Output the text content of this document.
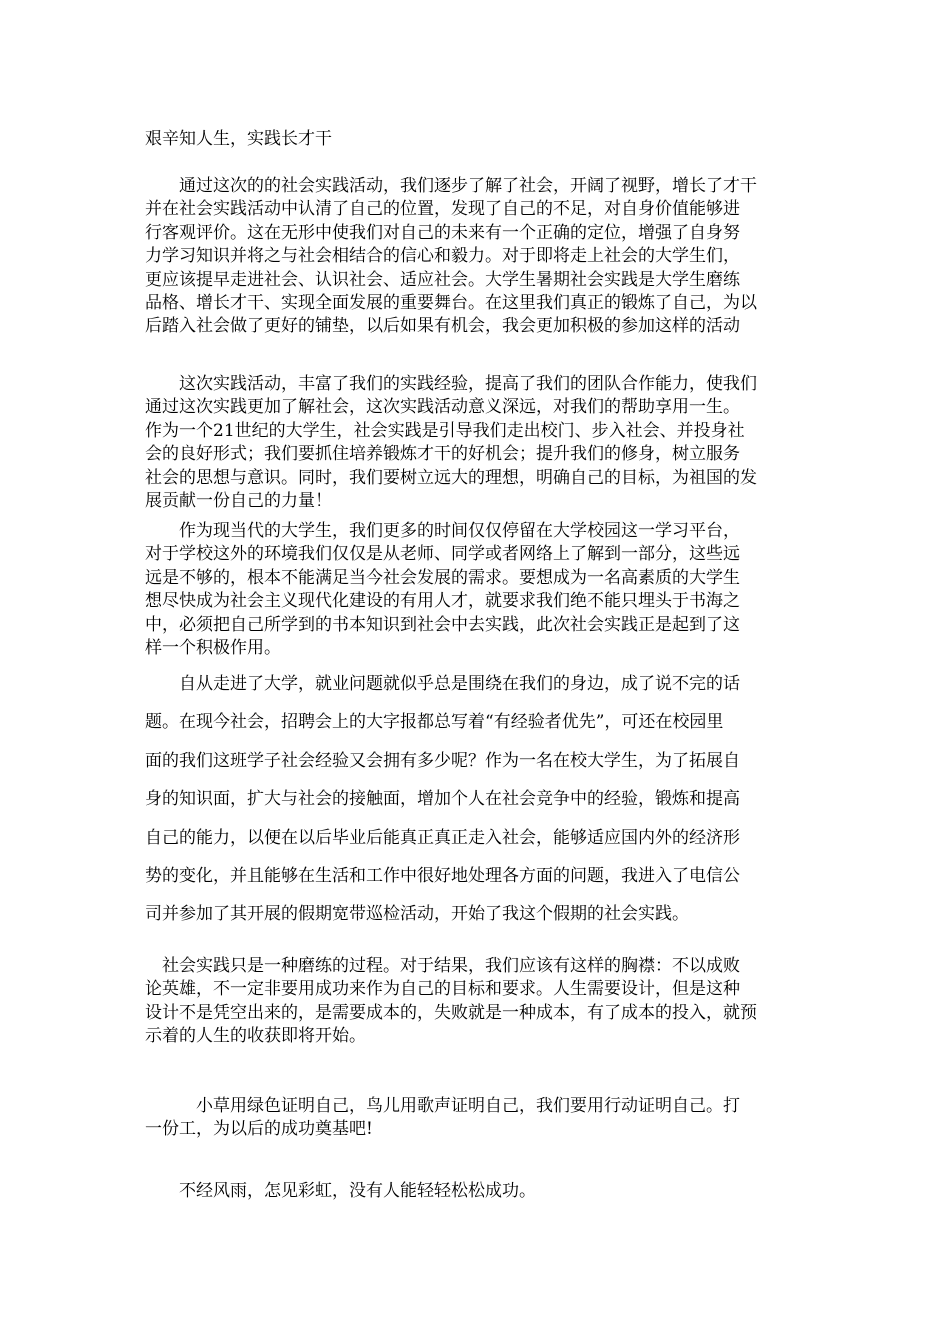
艰辛知人生，实践长才干

　　通过这次的的社会实践活动，我们逐步了解了社会，开阔了视野，增长了才干
并在社会实践活动中认清了自己的位置，发现了自己的不足，对自身价值能够进
行客观评价。这在无形中使我们对自己的未来有一个正确的定位，增强了自身努
力学习知识并将之与社会相结合的信心和毅力。对于即将走上社会的大学生们，
更应该提早走进社会、认识社会、适应社会。大学生暑期社会实践是大学生磨练
品格、增长才干、实现全面发展的重要舞台。在这里我们真正的锻炼了自己，为以
后踏入社会做了更好的铺垫，以后如果有机会，我会更加积极的参加这样的活动

　　这次实践活动，丰富了我们的实践经验，提高了我们的团队合作能力，使我们
通过这次实践更加了解社会，这次实践活动意义深远，对我们的帮助享用一生。
作为一个21世纪的大学生，社会实践是引导我们走出校门、步入社会、并投身社
会的良好形式；我们要抓住培养锻炼才干的好机会；提升我们的修身，树立服务
社会的思想与意识。同时，我们要树立远大的理想，明确自己的目标，为祖国的发
展贡献一份自己的力量！

　　作为现当代的大学生，我们更多的时间仅仅停留在大学校园这一学习平台，
对于学校这外的环境我们仅仅是从老师、同学或者网络上了解到一部分，这些远
远是不够的，根本不能满足当今社会发展的需求。要想成为一名高素质的大学生
想尽快成为社会主义现代化建设的有用人才，就要求我们绝不能只埋头于书海之
中，必须把自己所学到的书本知识到社会中去实践，此次社会实践正是起到了这
样一个积极作用。

　　自从走进了大学，就业问题就似乎总是围绕在我们的身边，成了说不完的话
题。在现今社会，招聘会上的大字报都总写着“有经验者优先”，可还在校园里
面的我们这班学子社会经验又会拥有多少呢？作为一名在校大学生，为了拓展自
身的知识面，扩大与社会的接触面，增加个人在社会竞争中的经验，锻炼和提高
自己的能力，以便在以后毕业后能真正真正走入社会，能够适应国内外的经济形
势的变化，并且能够在生活和工作中很好地处理各方面的问题，我进入了电信公
司并参加了其开展的假期宽带巡检活动，开始了我这个假期的社会实践。

　社会实践只是一种磨练的过程。对于结果，我们应该有这样的胸襟：不以成败
论英雄，不一定非要用成功来作为自己的目标和要求。人生需要设计，但是这种
设计不是凭空出来的，是需要成本的，失败就是一种成本，有了成本的投入，就预
示着的人生的收获即将开始。

　　　小草用绿色证明自己，鸟儿用歌声证明自己，我们要用行动证明自己。打
一份工，为以后的成功奠基吧!

　　不经风雨，怎见彩虹，没有人能轻轻松松成功。
